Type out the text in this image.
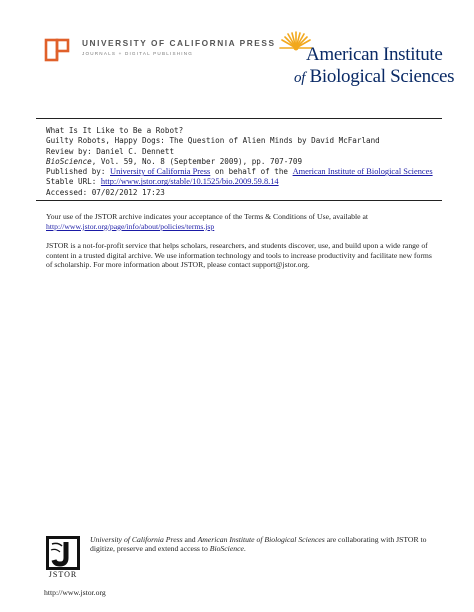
UNIVERSITY OF CALIFORNIA PRESS
JOURNALS + DIGITAL PUBLISHING	American Institute
of Biological Sciences
What Is It Like to Be a Robot?
Guilty Robots, Happy Dogs: The Question of Alien Minds by David McFarland
Review by: Daniel C. Dennett
BioScience, Vol. 59, No. 8 (September 2009), pp. 707-709
Published by: University of California Press on behalf of the American Institute of Biological Sciences
Stable URL: http://www.jstor.org/stable/10.1525/bio.2009.59.8.14
Accessed: 07/02/2012 17:23
Your use of the JSTOR archive indicates your acceptance of the Terms & Conditions of Use, available at
http://www.jstor.org/page/info/about/policies/terms.jsp
JSTOR is a not-for-profit service that helps scholars, researchers, and students discover, use, and build upon a wide range of content in a trusted digital archive. We use information technology and tools to increase productivity and facilitate new forms of scholarship. For more information about JSTOR, please contact support@jstor.org.
JSTOR
University of California Press and American Institute of Biological Sciences are collaborating with JSTOR to digitize, preserve and extend access to BioScience.
http://www.jstor.org
